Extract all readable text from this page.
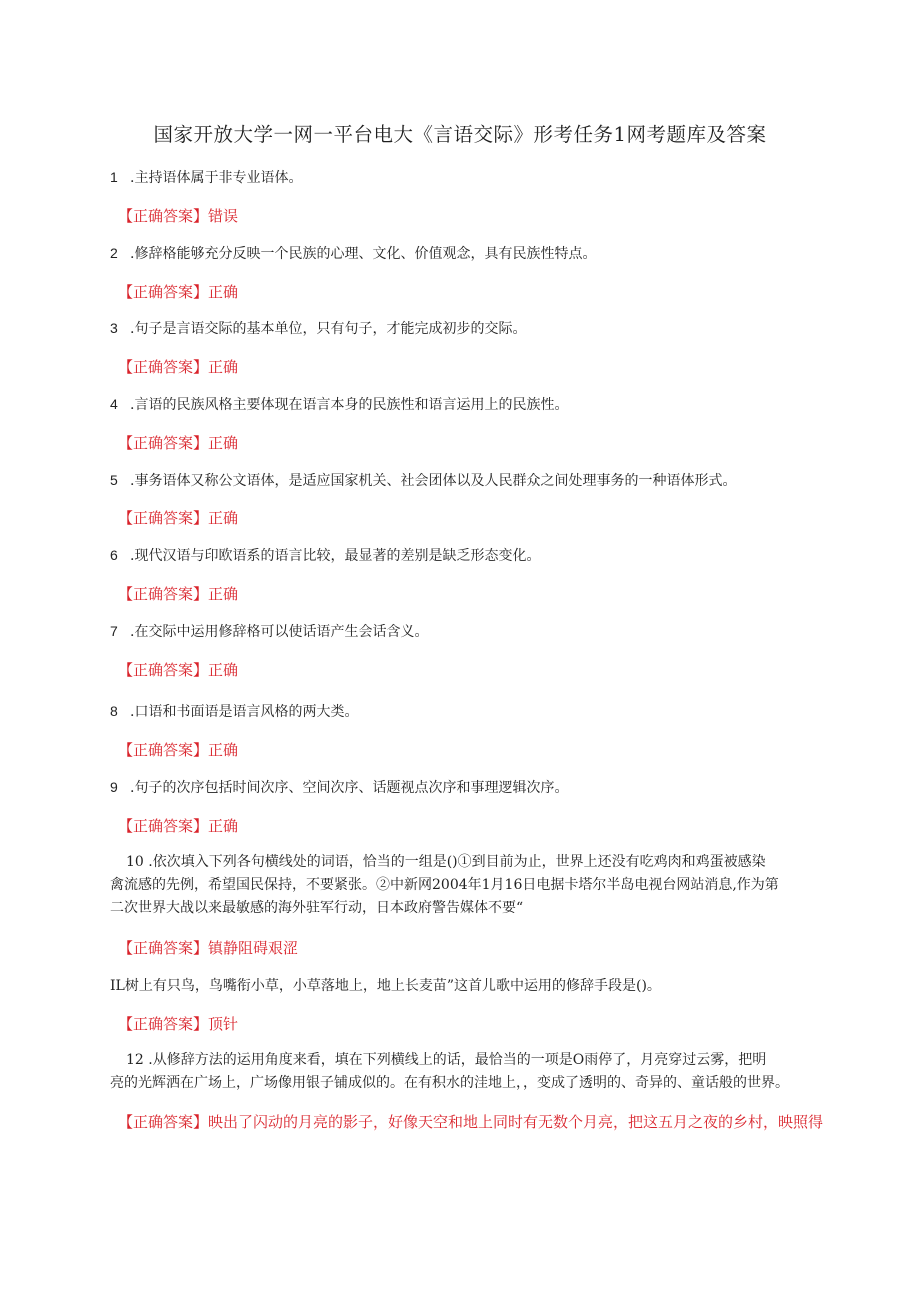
国家开放大学一网一平台电大《言语交际》形考任务1网考题库及答案
1 .主持语体属于非专业语体。
【正确答案】错误
2 .修辞格能够充分反映一个民族的心理、文化、价值观念，具有民族性特点。
【正确答案】正确
3 .句子是言语交际的基本单位，只有句子，才能完成初步的交际。
【正确答案】正确
4 .言语的民族风格主要体现在语言本身的民族性和语言运用上的民族性。
【正确答案】正确
5 .事务语体又称公文语体，是适应国家机关、社会团体以及人民群众之间处理事务的一种语体形式。
【正确答案】正确
6 .现代汉语与印欧语系的语言比较，最显著的差别是缺乏形态变化。
【正确答案】正确
7 .在交际中运用修辞格可以使话语产生会话含义。
【正确答案】正确
8 .口语和书面语是语言风格的两大类。
【正确答案】正确
9 .句子的次序包括时间次序、空间次序、话题视点次序和事理逻辑次序。
【正确答案】正确
10 .依次填入下列各句横线处的词语，恰当的一组是()①到目前为止，世界上还没有吃鸡肉和鸡蛋被感染
禽流感的先例，希望国民保持，不要紧张。②中新网2004年1月16日电据卡塔尔半岛电视台网站消息,作为第
二次世界大战以来最敏感的海外驻军行动，日本政府警告媒体不要“
【正确答案】镇静阻碍艰涩
IL树上有只鸟，鸟嘴衔小草，小草落地上，地上长麦苗”这首儿歌中运用的修辞手段是()。
【正确答案】顶针
12 .从修辞方法的运用角度来看，填在下列横线上的话，最恰当的一项是O雨停了，月亮穿过云雾，把明
亮的光辉洒在广场上，广场像用银子铺成似的。在有积水的洼地上，，变成了透明的、奇异的、童话般的世界。
【正确答案】映出了闪动的月亮的影子，好像天空和地上同时有无数个月亮，把这五月之夜的乡村，映照得
